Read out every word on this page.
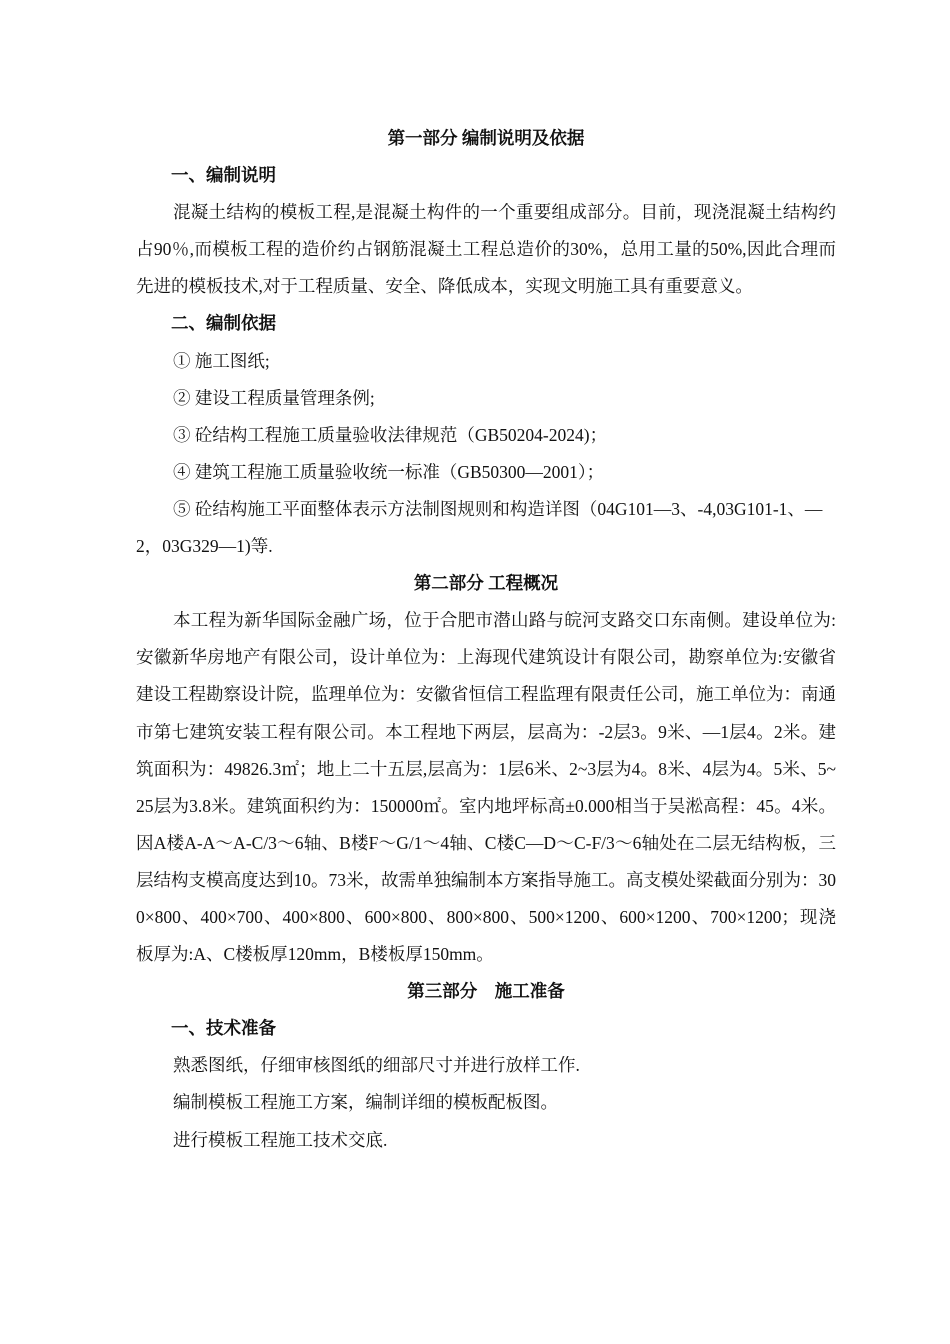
第一部分 编制说明及依据

一、编制说明

混凝土结构的模板工程,是混凝土构件的一个重要组成部分。目前，现浇混凝土结构约占90％,而模板工程的造价约占钢筋混凝土工程总造价的30%，总用工量的50%,因此合理而先进的模板技术,对于工程质量、安全、降低成本，实现文明施工具有重要意义。

二、编制依据

① 施工图纸;

② 建设工程质量管理条例;

③ 砼结构工程施工质量验收法律规范（GB50204-2024)；

④ 建筑工程施工质量验收统一标准（GB50300—2001）；

⑤ 砼结构施工平面整体表示方法制图规则和构造详图（04G101—3、-4,03G101-1、—2，03G329—1)等.

第二部分 工程概况

本工程为新华国际金融广场，位于合肥市潜山路与皖河支路交口东南侧。建设单位为:安徽新华房地产有限公司，设计单位为：上海现代建筑设计有限公司，勘察单位为:安徽省建设工程勘察设计院，监理单位为：安徽省恒信工程监理有限责任公司，施工单位为：南通市第七建筑安装工程有限公司。本工程地下两层，层高为：-2层3。9米、—1层4。2米。建筑面积为：49826.3㎡；地上二十五层,层高为：1层6米、2~3层为4。8米、4层为4。5米、5~25层为3.8米。建筑面积约为：150000㎡。室内地坪标高±0.000相当于吴淞高程：45。4米。因A楼A-A～A-C/3～6轴、B楼F～G/1～4轴、C楼C—D～C-F/3～6轴处在二层无结构板，三层结构支模高度达到10。73米，故需单独编制本方案指导施工。高支模处梁截面分别为：300×800、400×700、400×800、600×800、800×800、500×1200、600×1200、700×1200；现浇板厚为:A、C楼板厚120mm，B楼板厚150mm。

第三部分　施工准备

一、技术准备

熟悉图纸，仔细审核图纸的细部尺寸并进行放样工作.

编制模板工程施工方案，编制详细的模板配板图。

进行模板工程施工技术交底.
